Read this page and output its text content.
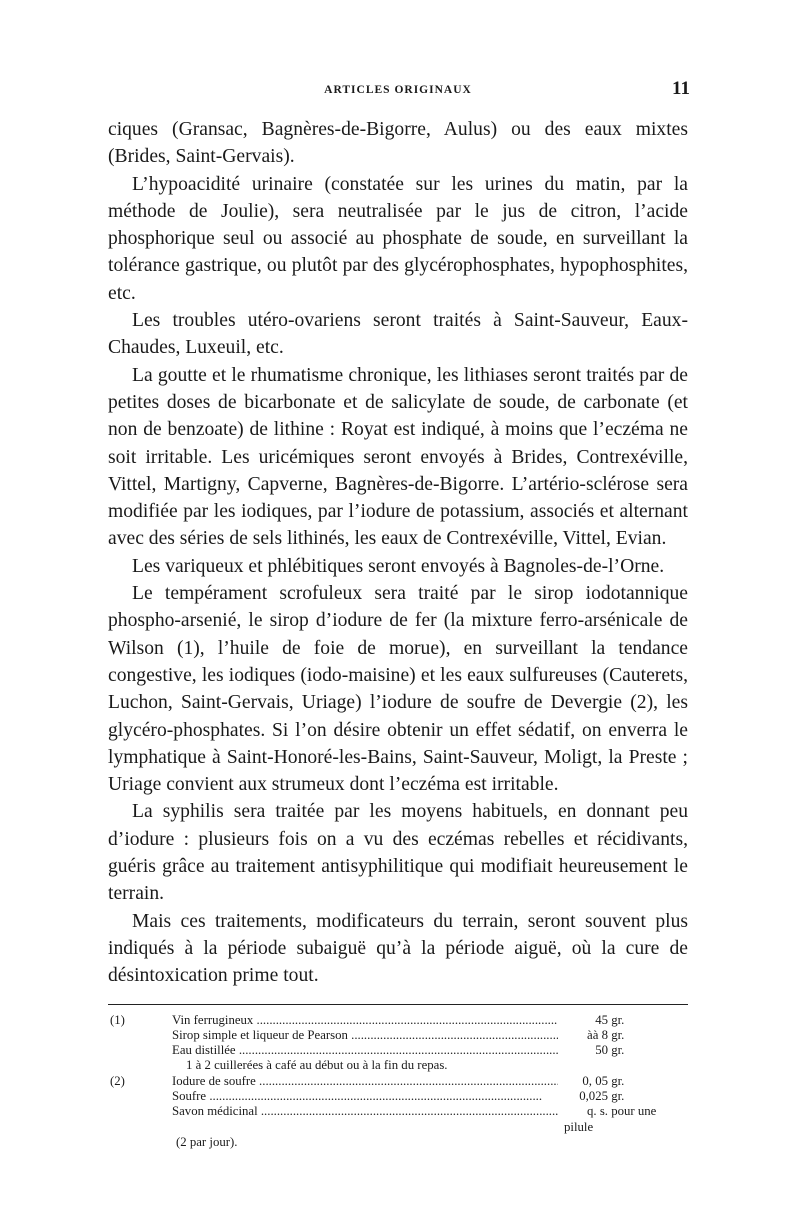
ARTICLES ORIGINAUX	11

ciques (Gransac, Bagnères-de-Bigorre, Aulus) ou des eaux mixtes (Brides, Saint-Gervais).

L’hypoacidité urinaire (constatée sur les urines du matin, par la méthode de Joulie), sera neutralisée par le jus de citron, l’acide phosphorique seul ou associé au phosphate de soude, en surveillant la tolérance gastrique, ou plutôt par des glycérophosphates, hypophosphites, etc.

Les troubles utéro-ovariens seront traités à Saint-Sauveur, Eaux-Chaudes, Luxeuil, etc.

La goutte et le rhumatisme chronique, les lithiases seront traités par de petites doses de bicarbonate et de salicylate de soude, de carbonate (et non de benzoate) de lithine : Royat est indiqué, à moins que l’eczéma ne soit irritable. Les uricémiques seront envoyés à Brides, Contrexéville, Vittel, Martigny, Capverne, Bagnères-de-Bigorre. L’artério-sclérose sera modifiée par les iodiques, par l’iodure de potassium, associés et alternant avec des séries de sels lithinés, les eaux de Contrexéville, Vittel, Evian.

Les variqueux et phlébitiques seront envoyés à Bagnoles-de-l’Orne.

Le tempérament scrofuleux sera traité par le sirop iodotannique phospho-arsenié, le sirop d’iodure de fer (la mixture ferro-arsénicale de Wilson (1), l’huile de foie de morue), en surveillant la tendance congestive, les iodiques (iodo-maisine) et les eaux sulfureuses (Cauterets, Luchon, Saint-Gervais, Uriage) l’iodure de soufre de Devergie (2), les glycéro-phosphates. Si l’on désire obtenir un effet sédatif, on enverra le lymphatique à Saint-Honoré-les-Bains, Saint-Sauveur, Moligt, la Preste ; Uriage convient aux strumeux dont l’eczéma est irritable.

La syphilis sera traitée par les moyens habituels, en donnant peu d’iodure : plusieurs fois on a vu des eczémas rebelles et récidivants, guéris grâce au traitement antisyphilitique qui modifiait heureusement le terrain.

Mais ces traitements, modificateurs du terrain, seront souvent plus indiqués à la période subaiguë qu’à la période aiguë, où la cure de désintoxication prime tout.

(1)	Vin ferrugineux .....	45 gr.
Sirop simple et liqueur de Pearson .....	àà 8 gr.
Eau distillée .....	50 gr.
1 à 2 cuillerées à café au début ou à la fin du repas.
(2)	Iodure de soufre .....	0, 05 gr.
Soufre .....	0,025 gr.
Savon médicinal .....	q. s. pour une pilule
(2 par jour).
